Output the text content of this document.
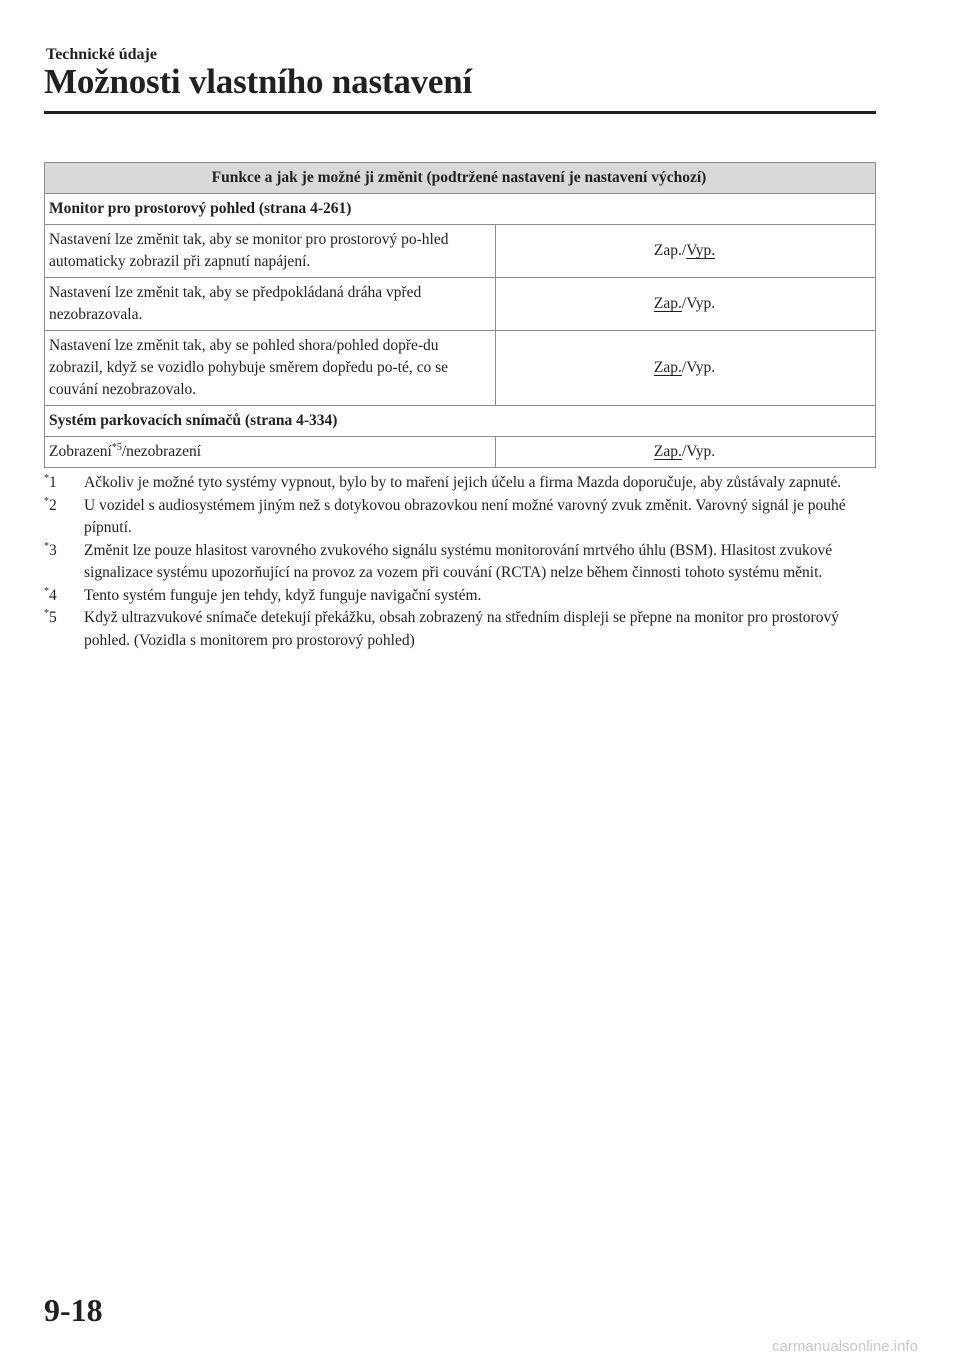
Technické údaje
Možnosti vlastního nastavení
Funkce a jak je možné ji změnit (podtržené nastavení je nastavení výchozí)	
Monitor pro prostorový pohled (strana 4-261)	
Nastavení lze změnit tak, aby se monitor pro prostorový po-hled automaticky zobrazil při zapnutí napájení.	Zap./Vyp.
Nastavení lze změnit tak, aby se předpokládaná dráha vpřed nezobrazovala.	Zap./Vyp.
Nastavení lze změnit tak, aby se pohled shora/pohled dopře-du zobrazil, když se vozidlo pohybuje směrem dopředu po-té, co se couvání nezobrazovalo.	Zap./Vyp.
Systém parkovacích snímačů (strana 4-334)	
Zobrazení$^{*5}$/nezobrazení	Zap./Vyp.
*1 Ačkoliv je možné tyto systémy vypnout, bylo by to maření jejich účelu a firma Mazda doporučuje, aby zůstávaly zapnuté.
*2 U vozidel s audiosystémem jiným než s dotykovou obrazovkou není možné varovný zvuk změnit. Varovný signál je pouhé pípnutí.
*3 Změnit lze pouze hlasitost varovného zvukového signálu systému monitorování mrtvého úhlu (BSM). Hlasitost zvukové signalizace systému upozorňující na provoz za vozem při couvání (RCTA) nelze během činnosti tohoto systému měnit.
*4 Tento systém funguje jen tehdy, když funguje navigační systém.
*5 Když ultrazvukové snímače detekují překážku, obsah zobrazený na středním displeji se přepne na monitor pro prostorový pohled. (Vozidla s monitorem pro prostorový pohled)
9-18
carmanualsonline.info
